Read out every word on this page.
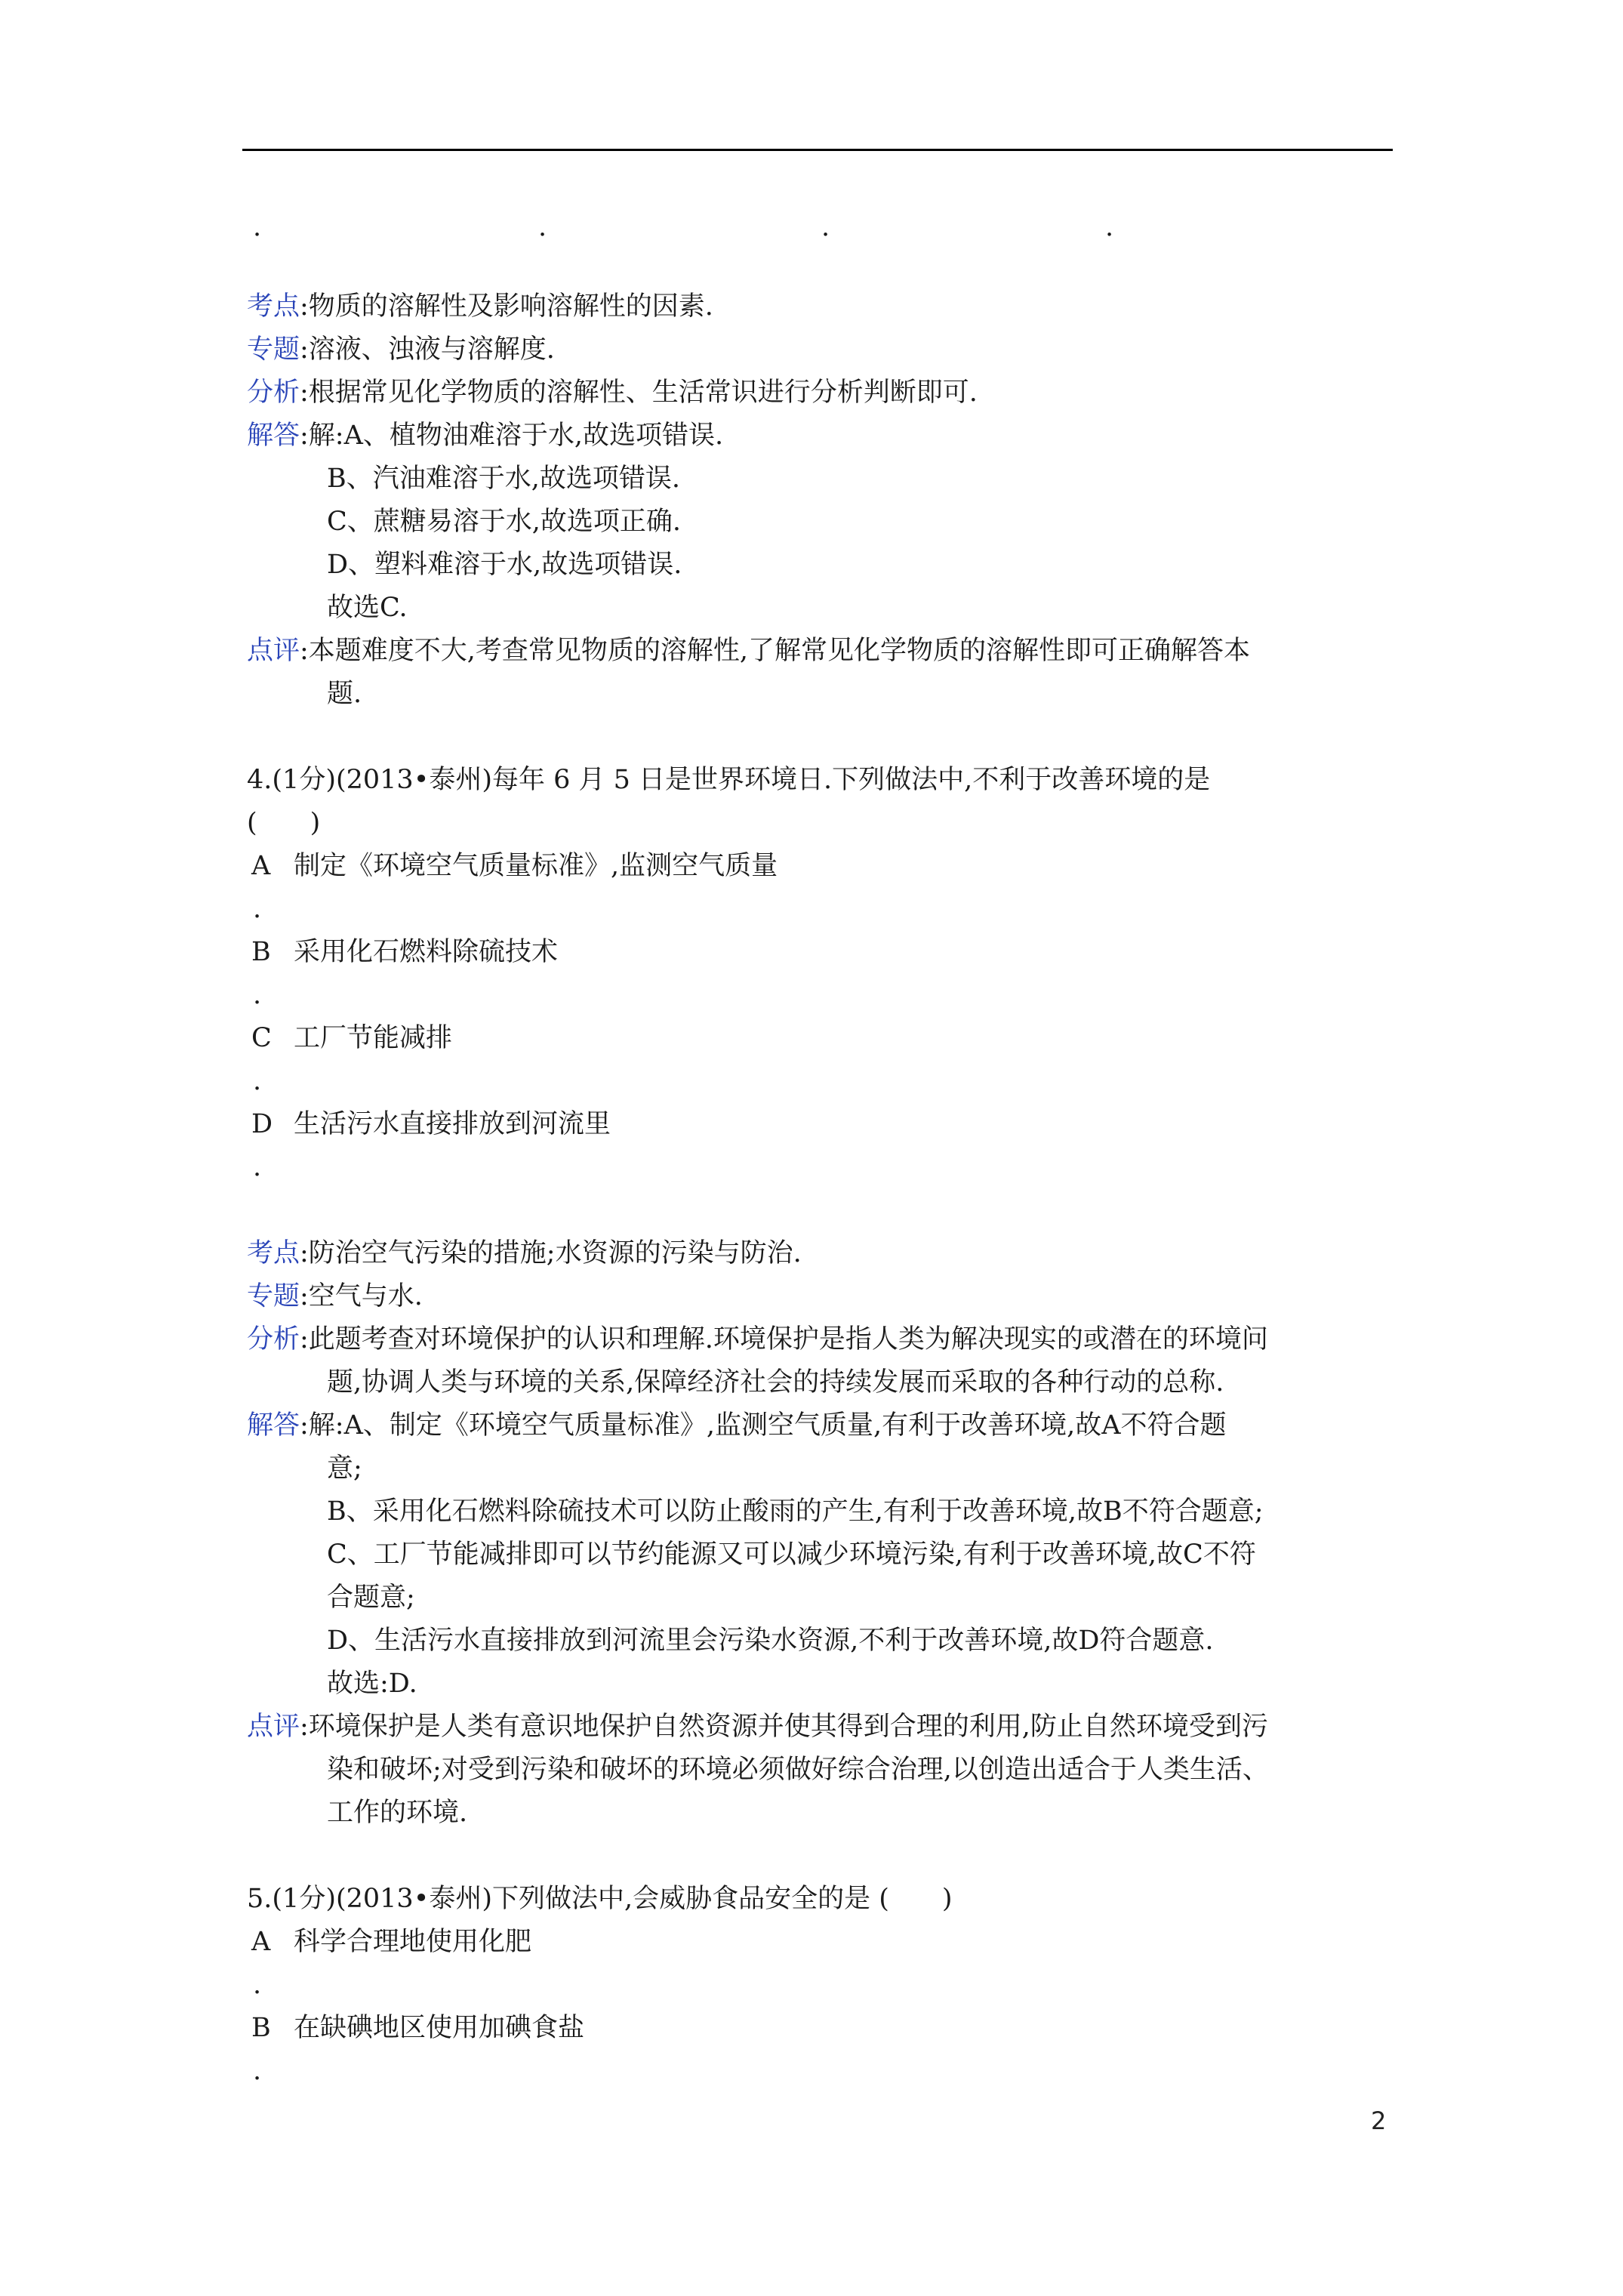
.	.	.	.
考点 :物质的溶解性及影响溶解性的因素.
专题 :溶液、浊液与溶解度.
分析 :根据常见化学物质的溶解性、生活常识进行分析判断即可.
解答 :解:A、植物油难溶于水,故选项错误.
B、汽油难溶于水,故选项错误.
C、蔗糖易溶于水,故选项正确.
D、塑料难溶于水,故选项错误.
故选C.
点评 :本题难度不大,考查常见物质的溶解性,了解常见化学物质的溶解性即可正确解答本
题.
4.(1分)(2013•泰州)每年 6 月 5 日是世界环境日.下列做法中,不利于改善环境的是
(　　)
A 制定《环境空气质量标准》,监测空气质量
.
B 采用化石燃料除硫技术
.
C 工厂节能减排
.
D 生活污水直接排放到河流里
.
考点 :防治空气污染的措施;水资源的污染与防治.
专题 :空气与水.
分析 :此题考查对环境保护的认识和理解.环境保护是指人类为解决现实的或潜在的环境问
题,协调人类与环境的关系,保障经济社会的持续发展而采取的各种行动的总称.
解答 :解:A、制定《环境空气质量标准》,监测空气质量,有利于改善环境,故A不符合题
意;
B、采用化石燃料除硫技术可以防止酸雨的产生,有利于改善环境,故B不符合题意;
C、工厂节能减排即可以节约能源又可以减少环境污染,有利于改善环境,故C不符
合题意;
D、生活污水直接排放到河流里会污染水资源,不利于改善环境,故D符合题意.
故选:D.
点评 :环境保护是人类有意识地保护自然资源并使其得到合理的利用,防止自然环境受到污
染和破坏;对受到污染和破坏的环境必须做好综合治理,以创造出适合于人类生活、
工作的环境.
5.(1分)(2013•泰州)下列做法中,会威胁食品安全的是 (　　)
A 科学合理地使用化肥
.
B 在缺碘地区使用加碘食盐
.
2
